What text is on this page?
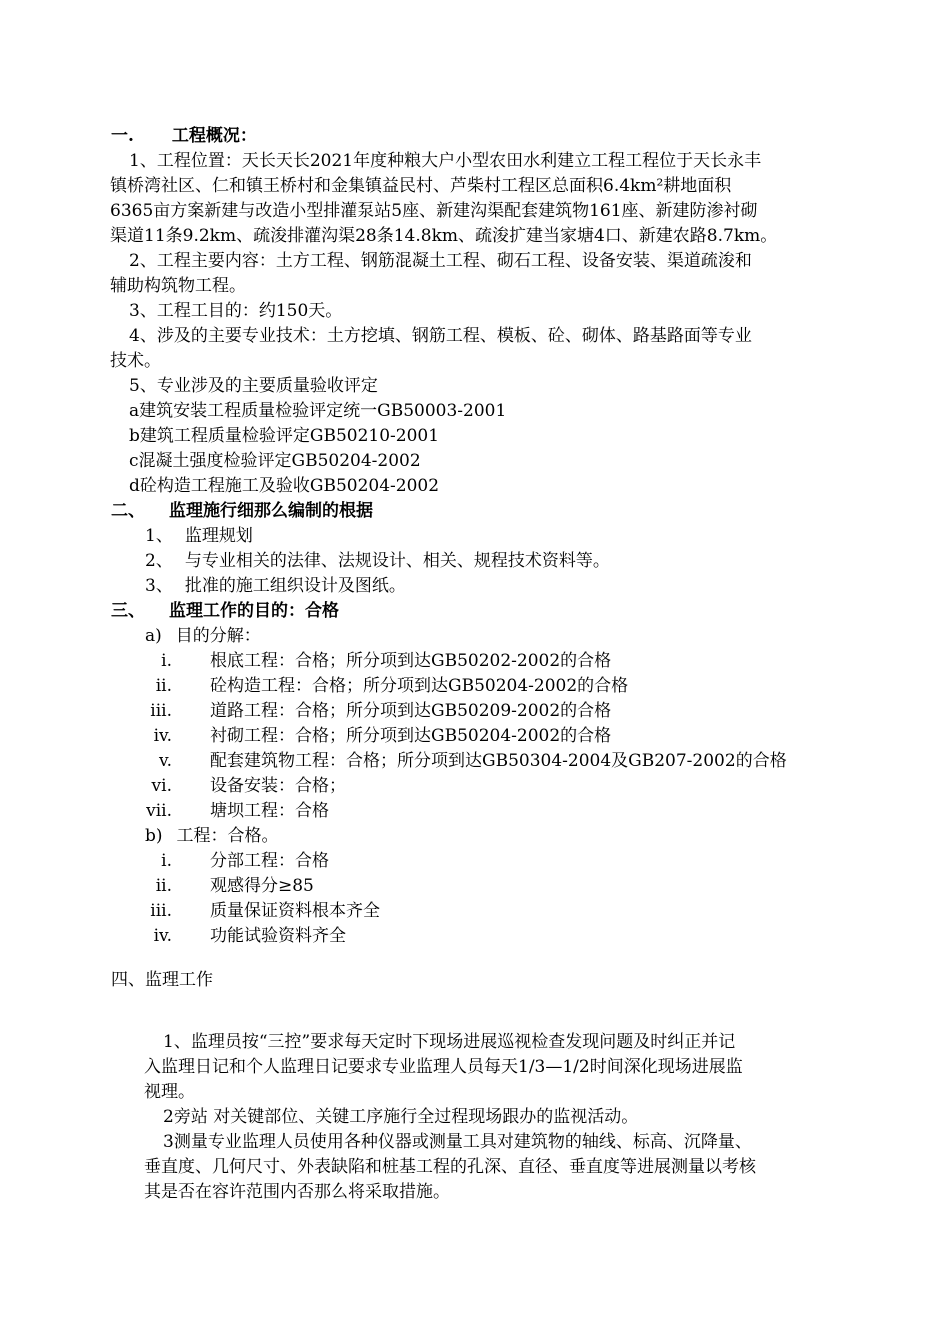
一. 工程概况：
1、工程位置：天长天长2021年度种粮大户小型农田水利建立工程工程位于天长永丰
镇桥湾社区、仁和镇王桥村和金集镇益民村、芦柴村工程区总面积6.4km²耕地面积
6365亩方案新建与改造小型排灌泵站5座、新建沟渠配套建筑物161座、新建防渗衬砌
渠道11条9.2km、疏浚排灌沟渠28条14.8km、疏浚扩建当家塘4口、新建农路8.7km。
2、工程主要内容：土方工程、钢筋混凝土工程、砌石工程、设备安装、渠道疏浚和
辅助构筑物工程。
3、工程工目的：约150天。
4、涉及的主要专业技术：土方挖填、钢筋工程、模板、砼、砌体、路基路面等专业
技术。
5、专业涉及的主要质量验收评定
a建筑安装工程质量检验评定统一GB50003-2001
b建筑工程质量检验评定GB50210-2001
c混凝土强度检验评定GB50204-2002
d砼构造工程施工及验收GB50204-2002
二、 监理施行细那么编制的根据
1、 监理规划
2、 与专业相关的法律、法规设计、相关、规程技术资料等。
3、 批准的施工组织设计及图纸。
三、 监理工作的目的：合格
a) 目的分解：
i. 根底工程：合格；所分项到达GB50202-2002的合格
ii. 砼构造工程：合格；所分项到达GB50204-2002的合格
iii. 道路工程：合格；所分项到达GB50209-2002的合格
iv. 衬砌工程：合格；所分项到达GB50204-2002的合格
v. 配套建筑物工程：合格；所分项到达GB50304-2004及GB207-2002的合格
vi. 设备安装：合格；
vii. 塘坝工程：合格
b) 工程：合格。
i. 分部工程：合格
ii. 观感得分≥85
iii. 质量保证资料根本齐全
iv. 功能试验资料齐全
四、监理工作
1、监理员按“三控”要求每天定时下现场进展巡视检查发现问题及时纠正并记
入监理日记和个人监理日记要求专业监理人员每天1/3—1/2时间深化现场进展监
视理。
2旁站 对关键部位、关键工序施行全过程现场跟办的监视活动。
3测量专业监理人员使用各种仪器或测量工具对建筑物的轴线、标高、沉降量、
垂直度、几何尺寸、外表缺陷和桩基工程的孔深、直径、垂直度等进展测量以考核
其是否在容许范围内否那么将采取措施。
